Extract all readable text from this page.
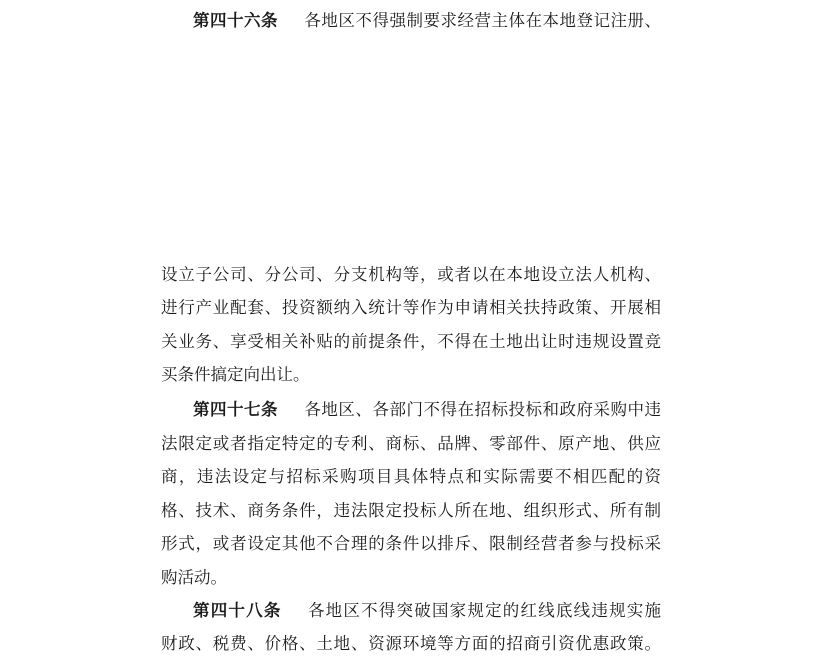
第四十六条 各地区不得强制要求经营主体在本地登记注册、
设立子公司、分公司、分支机构等，或者以在本地设立法人机构、
进行产业配套、投资额纳入统计等作为申请相关扶持政策、开展相
关业务、享受相关补贴的前提条件，不得在土地出让时违规设置竞
买条件搞定向出让。
第四十七条 各地区、各部门不得在招标投标和政府采购中违
法限定或者指定特定的专利、商标、品牌、零部件、原产地、供应
商，违法设定与招标采购项目具体特点和实际需要不相匹配的资
格、技术、商务条件，违法限定投标人所在地、组织形式、所有制
形式，或者设定其他不合理的条件以排斥、限制经营者参与投标采
购活动。
第四十八条 各地区不得突破国家规定的红线底线违规实施
财政、税费、价格、土地、资源环境等方面的招商引资优惠政策。
